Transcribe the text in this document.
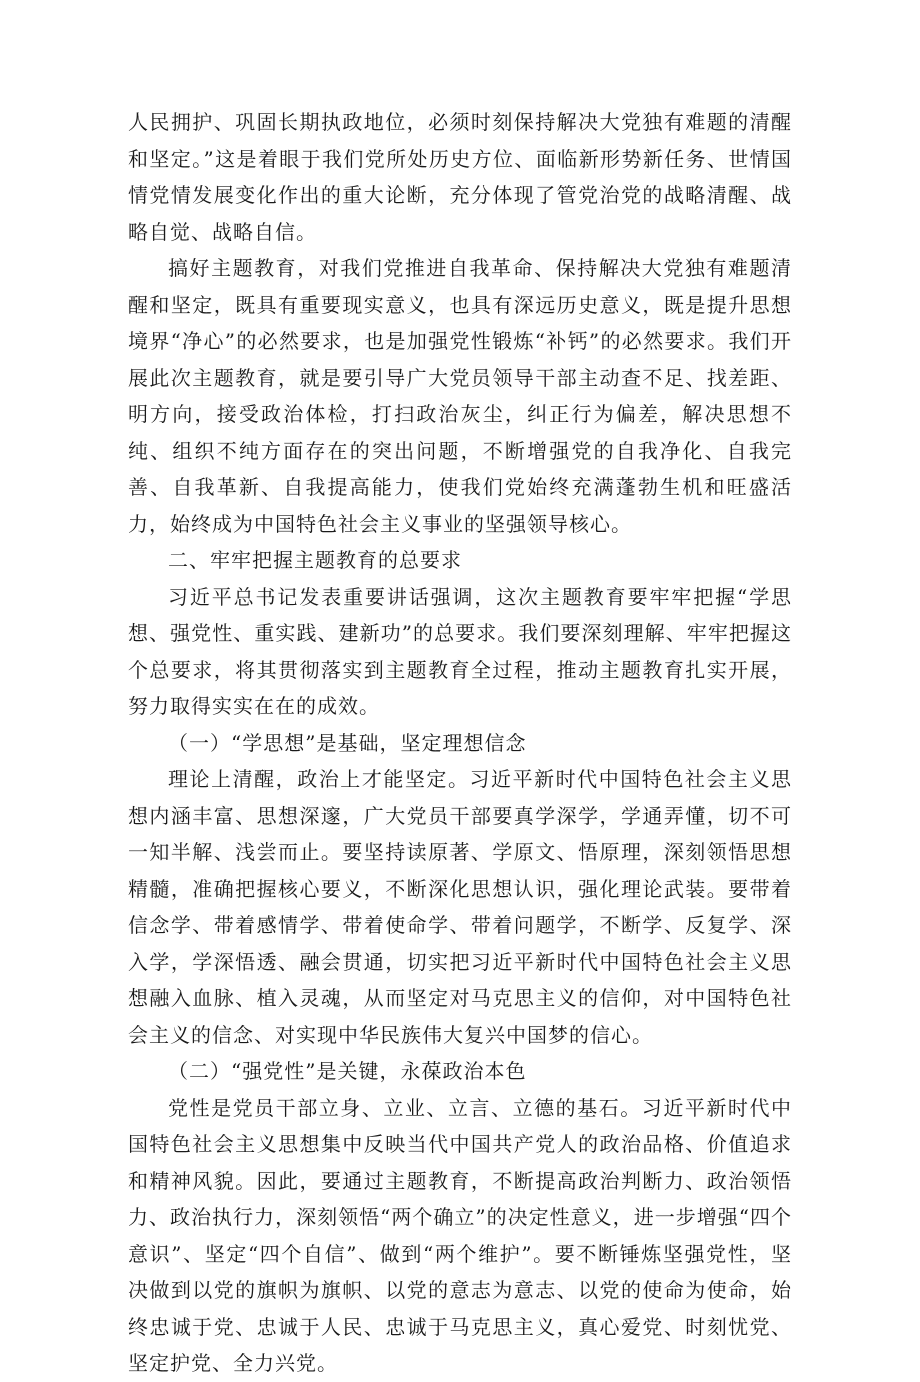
人民拥护、巩固长期执政地位，必须时刻保持解决大党独有难题的清醒和坚定。”这是着眼于我们党所处历史方位、面临新形势新任务、世情国情党情发展变化作出的重大论断，充分体现了管党治党的战略清醒、战略自觉、战略自信。

搞好主题教育，对我们党推进自我革命、保持解决大党独有难题清醒和坚定，既具有重要现实意义，也具有深远历史意义，既是提升思想境界“净心”的必然要求，也是加强党性锻炼“补钙”的必然要求。我们开展此次主题教育，就是要引导广大党员领导干部主动查不足、找差距、明方向，接受政治体检，打扫政治灰尘，纠正行为偏差，解决思想不纯、组织不纯方面存在的突出问题，不断增强党的自我净化、自我完善、自我革新、自我提高能力，使我们党始终充满蓬勃生机和旺盛活力，始终成为中国特色社会主义事业的坚强领导核心。

二、牢牢把握主题教育的总要求

习近平总书记发表重要讲话强调，这次主题教育要牢牢把握“学思想、强党性、重实践、建新功”的总要求。我们要深刻理解、牢牢把握这个总要求，将其贯彻落实到主题教育全过程，推动主题教育扎实开展，努力取得实实在在的成效。

（一）“学思想”是基础，坚定理想信念

理论上清醒，政治上才能坚定。习近平新时代中国特色社会主义思想内涵丰富、思想深邃，广大党员干部要真学深学，学通弄懂，切不可一知半解、浅尝而止。要坚持读原著、学原文、悟原理，深刻领悟思想精髓，准确把握核心要义，不断深化思想认识，强化理论武装。要带着信念学、带着感情学、带着使命学、带着问题学，不断学、反复学、深入学，学深悟透、融会贯通，切实把习近平新时代中国特色社会主义思想融入血脉、植入灵魂，从而坚定对马克思主义的信仰，对中国特色社会主义的信念、对实现中华民族伟大复兴中国梦的信心。

（二）“强党性”是关键，永葆政治本色

党性是党员干部立身、立业、立言、立德的基石。习近平新时代中国特色社会主义思想集中反映当代中国共产党人的政治品格、价值追求和精神风貌。因此，要通过主题教育，不断提高政治判断力、政治领悟力、政治执行力，深刻领悟“两个确立”的决定性意义，进一步增强“四个意识”、坚定“四个自信”、做到“两个维护”。要不断锤炼坚强党性，坚决做到以党的旗帜为旗帜、以党的意志为意志、以党的使命为使命，始终忠诚于党、忠诚于人民、忠诚于马克思主义，真心爱党、时刻忧党、坚定护党、全力兴党。
